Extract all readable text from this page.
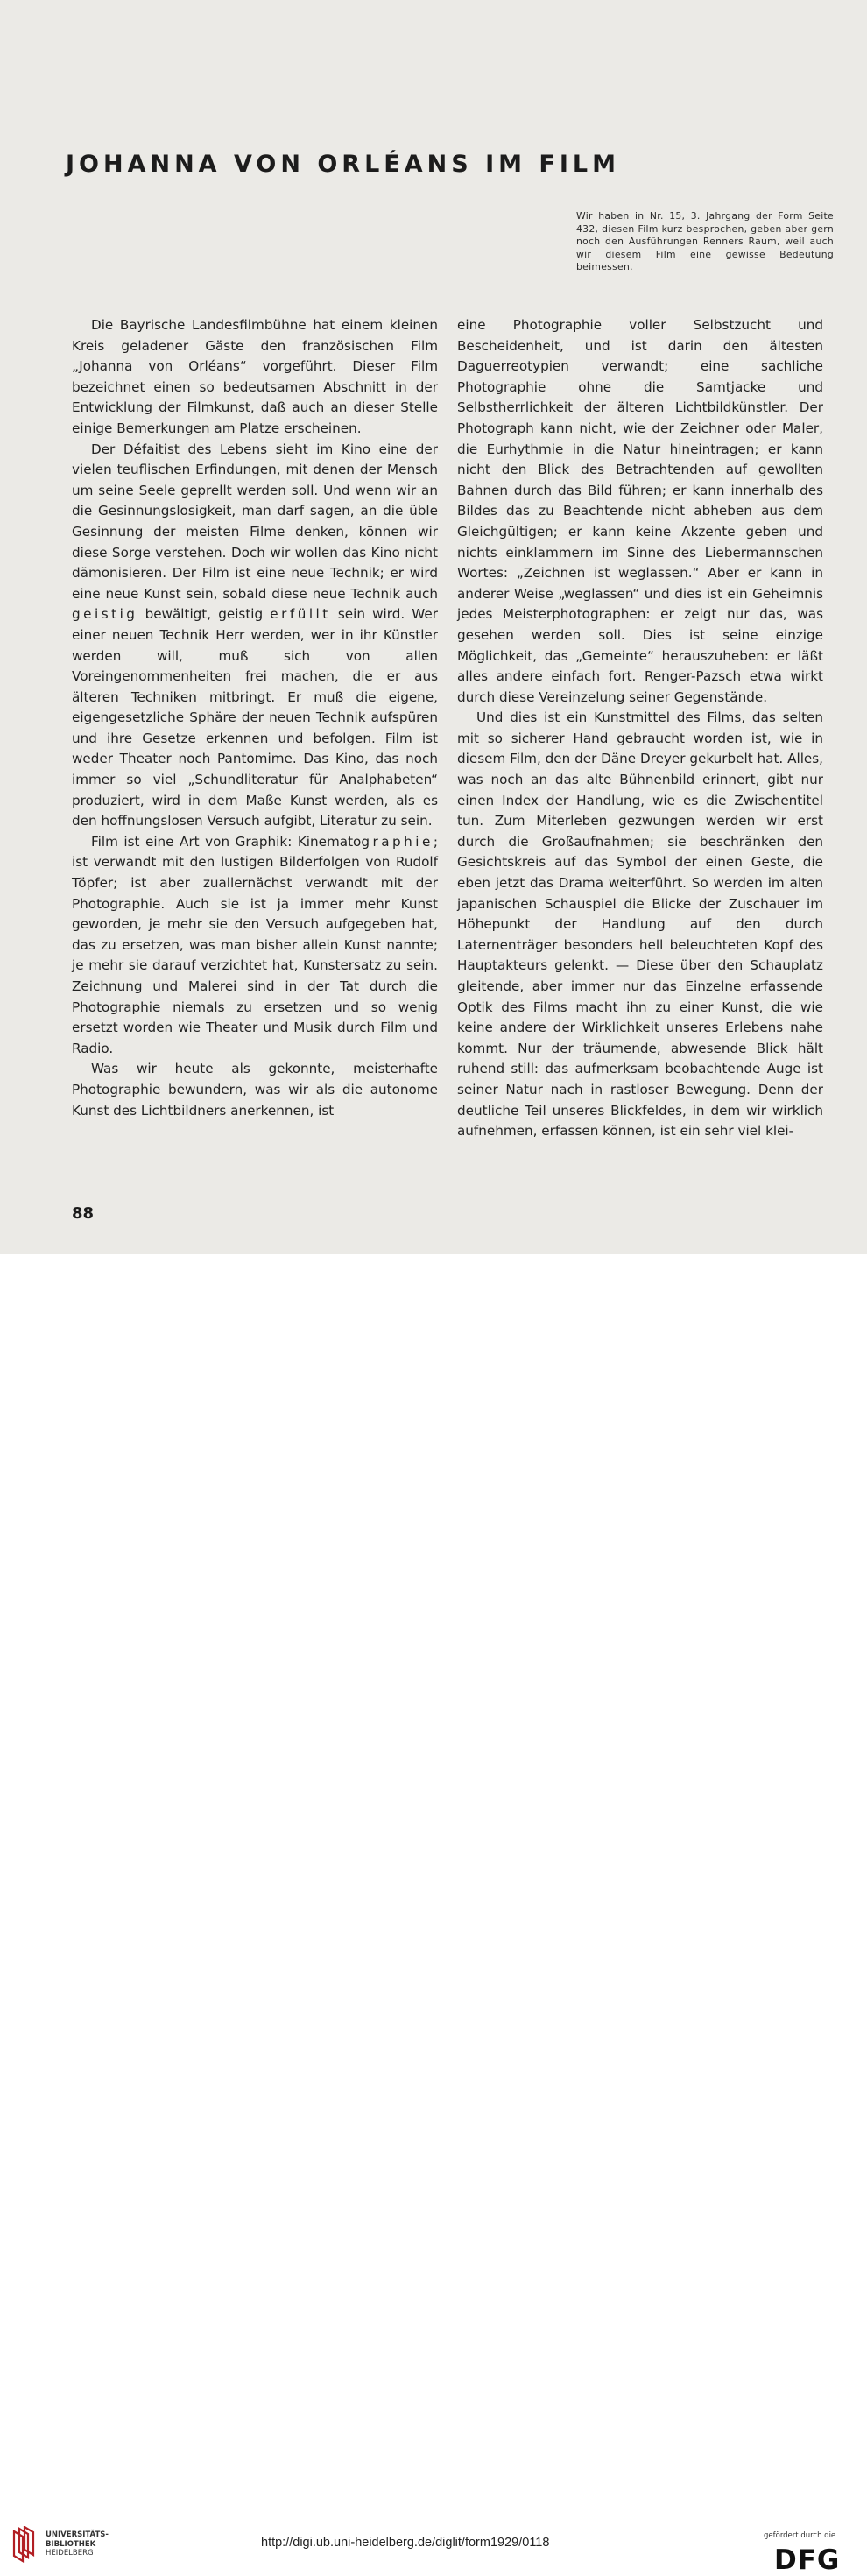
JOHANNA VON ORLÉANS IM FILM

Wir haben in Nr. 15, 3. Jahrgang der Form Seite 432, diesen Film kurz besprochen, geben aber gern noch den Ausführungen Renners Raum, weil auch wir diesem Film eine gewisse Bedeutung beimessen.

Die Bayrische Landesfilmbühne hat einem kleinen Kreis geladener Gäste den französischen Film „Johanna von Orléans“ vorgeführt. Dieser Film bezeichnet einen so bedeutsamen Abschnitt in der Entwicklung der Filmkunst, daß auch an dieser Stelle einige Bemerkungen am Platze erscheinen.

Der Défaitist des Lebens sieht im Kino eine der vielen teuflischen Erfindungen, mit denen der Mensch um seine Seele geprellt werden soll. Und wenn wir an die Gesinnungslosigkeit, man darf sagen, an die üble Gesinnung der meisten Filme denken, können wir diese Sorge verstehen. Doch wir wollen das Kino nicht dämonisieren. Der Film ist eine neue Technik; er wird eine neue Kunst sein, sobald diese neue Technik auch geistig bewältigt, geistig erfüllt sein wird. Wer einer neuen Technik Herr werden, wer in ihr Künstler werden will, muß sich von allen Voreingenommenheiten frei machen, die er aus älteren Techniken mitbringt. Er muß die eigene, eigengesetzliche Sphäre der neuen Technik aufspüren und ihre Gesetze erkennen und befolgen. Film ist weder Theater noch Pantomime. Das Kino, das noch immer so viel „Schundliteratur für Analphabeten“ produziert, wird in dem Maße Kunst werden, als es den hoffnungslosen Versuch aufgibt, Literatur zu sein.

Film ist eine Art von Graphik: Kinematographie; ist verwandt mit den lustigen Bilderfolgen von Rudolf Töpfer; ist aber zuallernächst verwandt mit der Photographie. Auch sie ist ja immer mehr Kunst geworden, je mehr sie den Versuch aufgegeben hat, das zu ersetzen, was man bisher allein Kunst nannte; je mehr sie darauf verzichtet hat, Kunstersatz zu sein. Zeichnung und Malerei sind in der Tat durch die Photographie niemals zu ersetzen und so wenig ersetzt worden wie Theater und Musik durch Film und Radio.

Was wir heute als gekonnte, meisterhafte Photographie bewundern, was wir als die autonome Kunst des Lichtbildners anerkennen, ist

eine Photographie voller Selbstzucht und Bescheidenheit, und ist darin den ältesten Daguerreotypien verwandt; eine sachliche Photographie ohne die Samtjacke und Selbstherrlichkeit der älteren Lichtbildkünstler. Der Photograph kann nicht, wie der Zeichner oder Maler, die Eurhythmie in die Natur hineintragen; er kann nicht den Blick des Betrachtenden auf gewollten Bahnen durch das Bild führen; er kann innerhalb des Bildes das zu Beachtende nicht abheben aus dem Gleichgültigen; er kann keine Akzente geben und nichts einklammern im Sinne des Liebermannschen Wortes: „Zeichnen ist weglassen.“ Aber er kann in anderer Weise „weglassen“ und dies ist ein Geheimnis jedes Meisterphotographen: er zeigt nur das, was gesehen werden soll. Dies ist seine einzige Möglichkeit, das „Gemeinte“ herauszuheben: er läßt alles andere einfach fort. Renger-Pazsch etwa wirkt durch diese Vereinzelung seiner Gegenstände.

Und dies ist ein Kunstmittel des Films, das selten mit so sicherer Hand gebraucht worden ist, wie in diesem Film, den der Däne Dreyer gekurbelt hat. Alles, was noch an das alte Bühnenbild erinnert, gibt nur einen Index der Handlung, wie es die Zwischentitel tun. Zum Miterleben gezwungen werden wir erst durch die Großaufnahmen; sie beschränken den Gesichtskreis auf das Symbol der einen Geste, die eben jetzt das Drama weiterführt. So werden im alten japanischen Schauspiel die Blicke der Zuschauer im Höhepunkt der Handlung auf den durch Laternenträger besonders hell beleuchteten Kopf des Hauptakteurs gelenkt. — Diese über den Schauplatz gleitende, aber immer nur das Einzelne erfassende Optik des Films macht ihn zu einer Kunst, die wie keine andere der Wirklichkeit unseres Erlebens nahe kommt. Nur der träumende, abwesende Blick hält ruhend still: das aufmerksam beobachtende Auge ist seiner Natur nach in rastloser Bewegung. Denn der deutliche Teil unseres Blickfeldes, in dem wir wirklich aufnehmen, erfassen können, ist ein sehr viel klei-

88

UNIVERSITÄTS-
BIBLIOTHEK
HEIDELBERG
http://digi.ub.uni-heidelberg.de/diglit/form1929/0118	gefördert durch die
DFG
